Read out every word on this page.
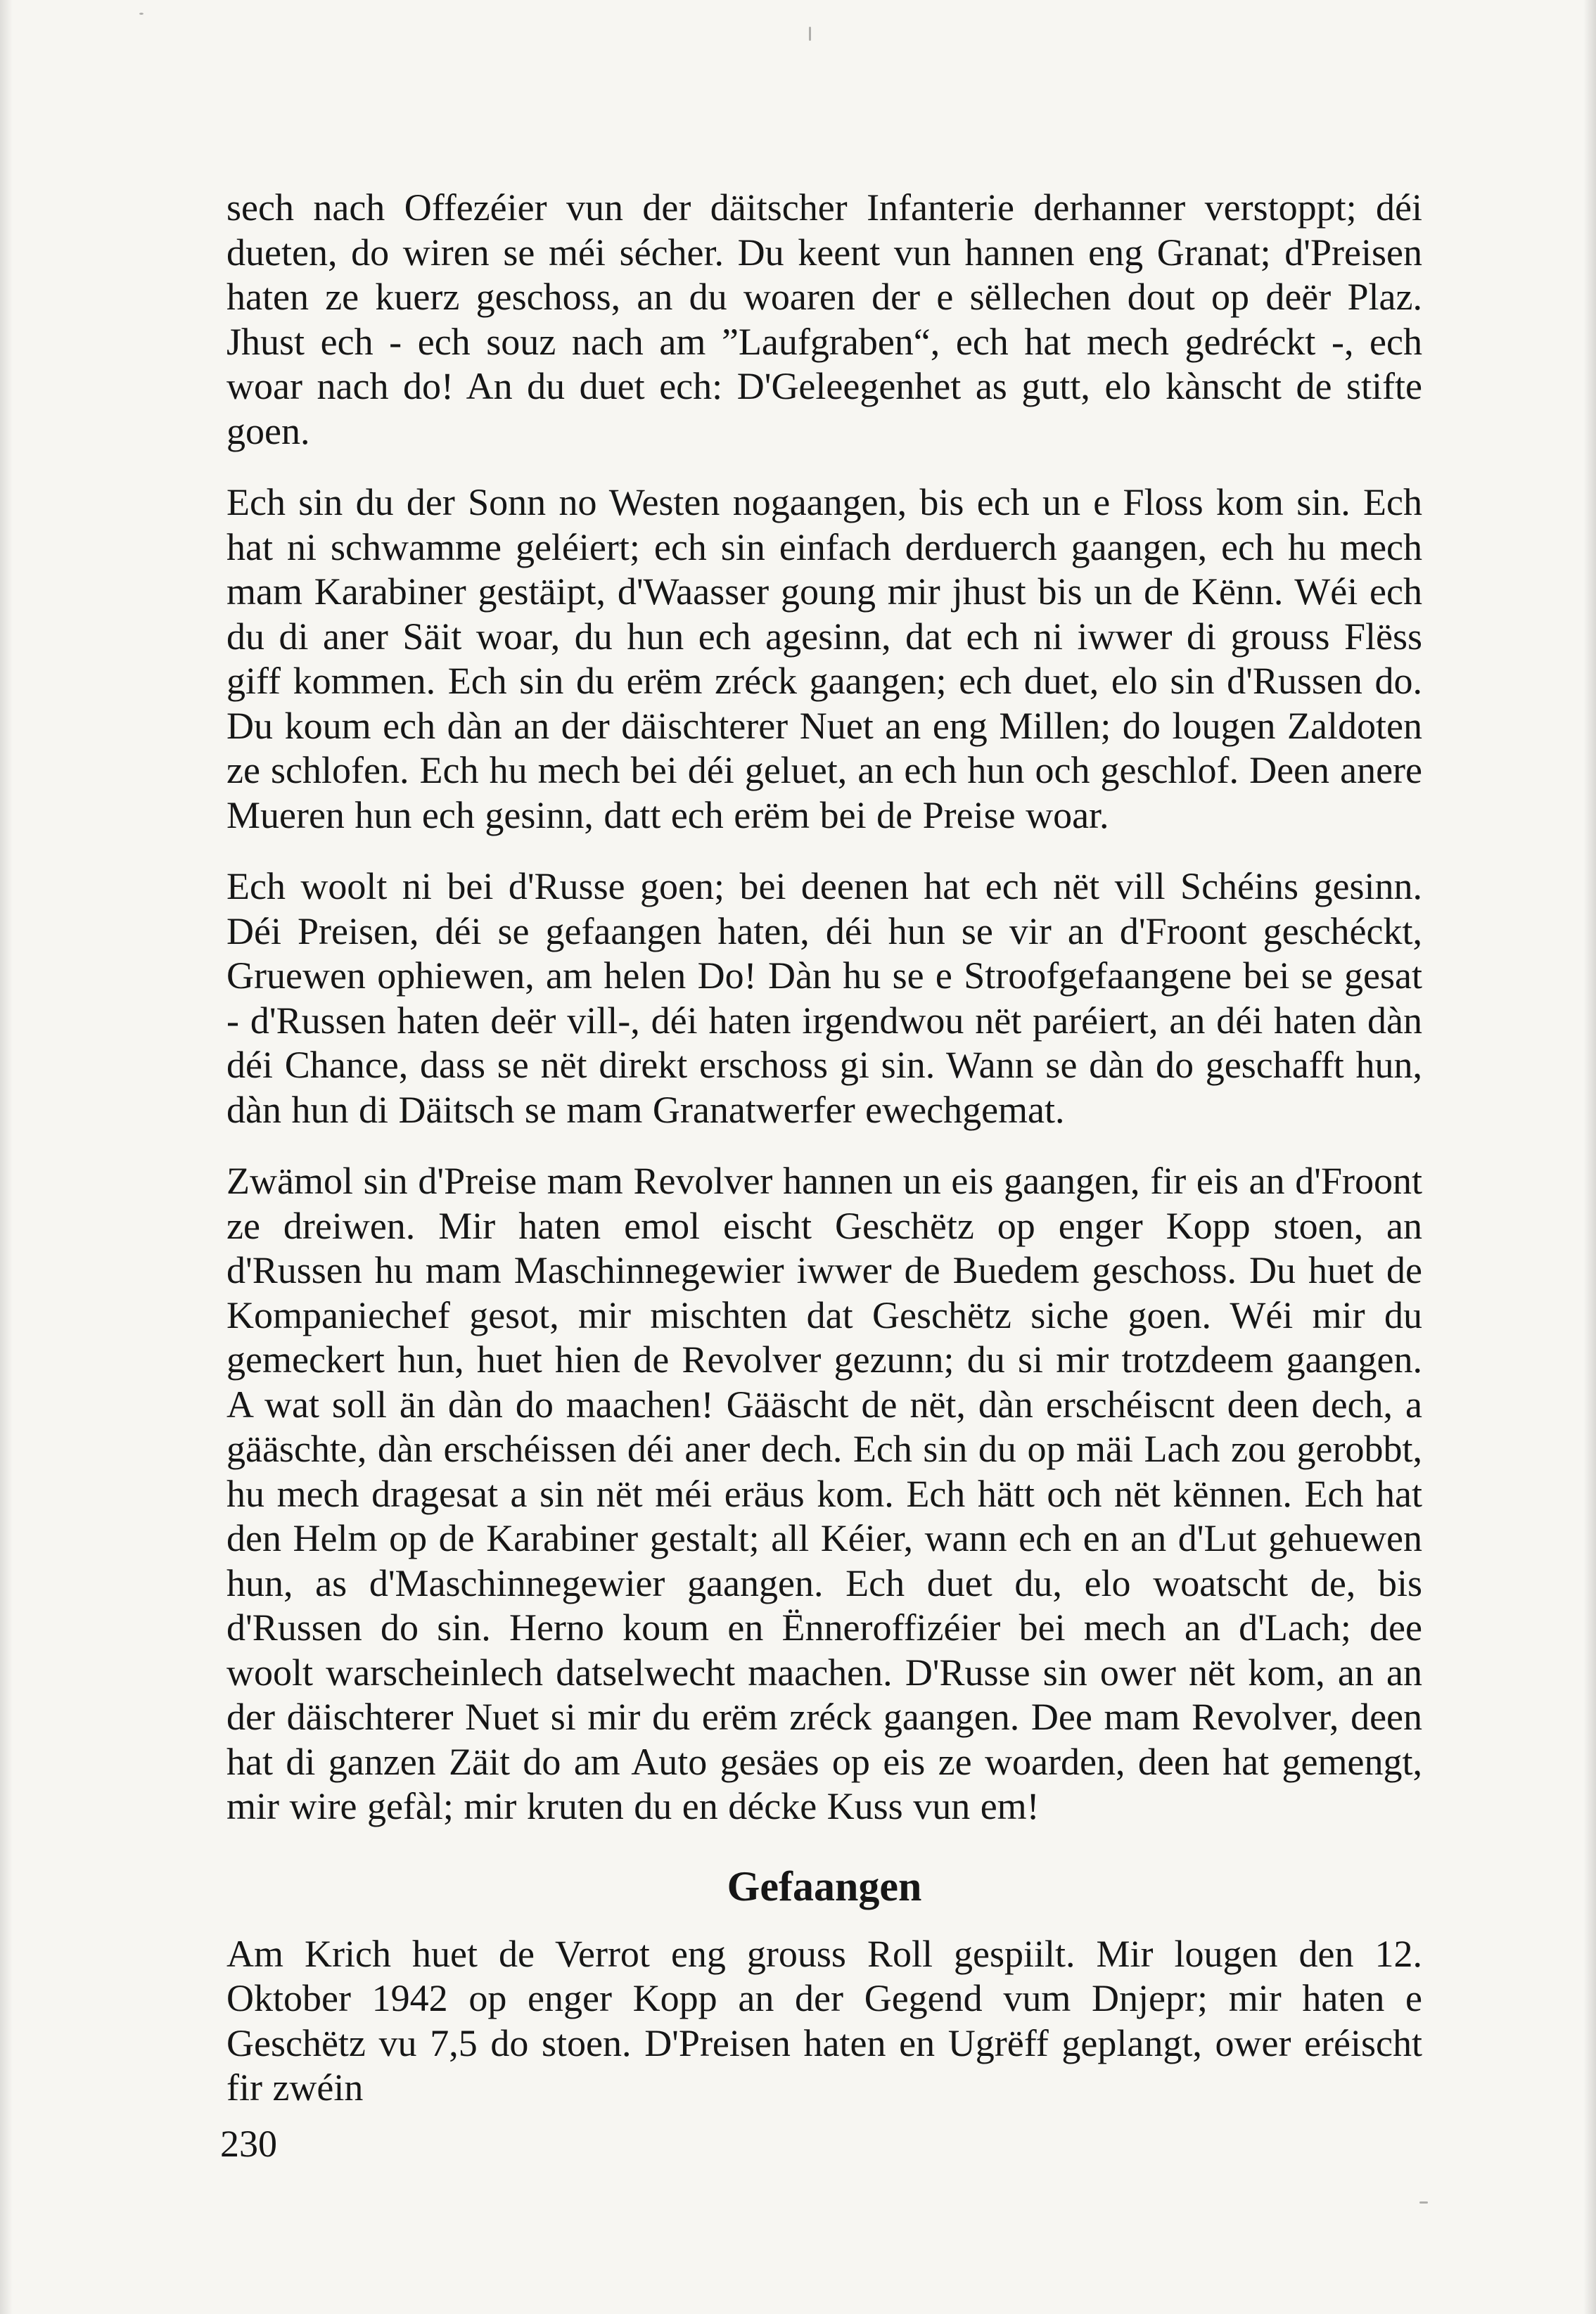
sech nach Offezéier vun der däitscher Infanterie derhanner verstoppt; déi dueten, do wiren se méi sécher. Du keent vun hannen eng Granat; d'Preisen haten ze kuerz geschoss, an du woaren der e sëllechen dout op deër Plaz. Jhust ech - ech souz nach am ”Laufgraben“, ech hat mech gedréckt -, ech woar nach do! An du duet ech: D'Geleegenhet as gutt, elo kànscht de stifte goen.

Ech sin du der Sonn no Westen nogaangen, bis ech un e Floss kom sin. Ech hat ni schwamme geléiert; ech sin einfach derduerch gaangen, ech hu mech mam Karabiner gestäipt, d'Waasser goung mir jhust bis un de Kënn. Wéi ech du di aner Säit woar, du hun ech agesinn, dat ech ni iwwer di grouss Flëss giff kommen. Ech sin du erëm zréck gaangen; ech duet, elo sin d'Russen do. Du koum ech dàn an der däischterer Nuet an eng Millen; do lougen Zaldoten ze schlofen. Ech hu mech bei déi geluet, an ech hun och geschlof. Deen anere Mueren hun ech gesinn, datt ech erëm bei de Preise woar.

Ech woolt ni bei d'Russe goen; bei deenen hat ech nët vill Schéins gesinn. Déi Preisen, déi se gefaangen haten, déi hun se vir an d'Froont geschéckt, Gruewen ophiewen, am helen Do! Dàn hu se e Stroofgefaangene bei se gesat - d'Russen haten deër vill-, déi haten irgendwou nët paréiert, an déi haten dàn déi Chance, dass se nët direkt erschoss gi sin. Wann se dàn do geschafft hun, dàn hun di Däitsch se mam Granatwerfer ewechgemat.

Zwämol sin d'Preise mam Revolver hannen un eis gaangen, fir eis an d'Froont ze dreiwen. Mir haten emol eischt Geschëtz op enger Kopp stoen, an d'Russen hu mam Maschinnegewier iwwer de Buedem geschoss. Du huet de Kompaniechef gesot, mir mischten dat Geschëtz siche goen. Wéi mir du gemeckert hun, huet hien de Revolver gezunn; du si mir trotzdeem gaangen. A wat soll än dàn do maachen! Gääscht de nët, dàn erschéiscnt deen dech, a gääschte, dàn erschéissen déi aner dech. Ech sin du op mäi Lach zou gerobbt, hu mech dragesat a sin nët méi eräus kom. Ech hätt och nët kënnen. Ech hat den Helm op de Karabiner gestalt; all Kéier, wann ech en an d'Lut gehuewen hun, as d'Maschinnegewier gaangen. Ech duet du, elo woatscht de, bis d'Russen do sin. Herno koum en Ënneroffizéier bei mech an d'Lach; dee woolt warscheinlech datselwecht maachen. D'Russe sin ower nët kom, an an der däischterer Nuet si mir du erëm zréck gaangen. Dee mam Revolver, deen hat di ganzen Zäit do am Auto gesäes op eis ze woarden, deen hat gemengt, mir wire gefàl; mir kruten du en décke Kuss vun em!

Gefaangen

Am Krich huet de Verrot eng grouss Roll gespiilt. Mir lougen den 12. Oktober 1942 op enger Kopp an der Gegend vum Dnjepr; mir haten e Geschëtz vu 7,5 do stoen. D'Preisen haten en Ugrëff geplangt, ower eréischt fir zwéin

230
